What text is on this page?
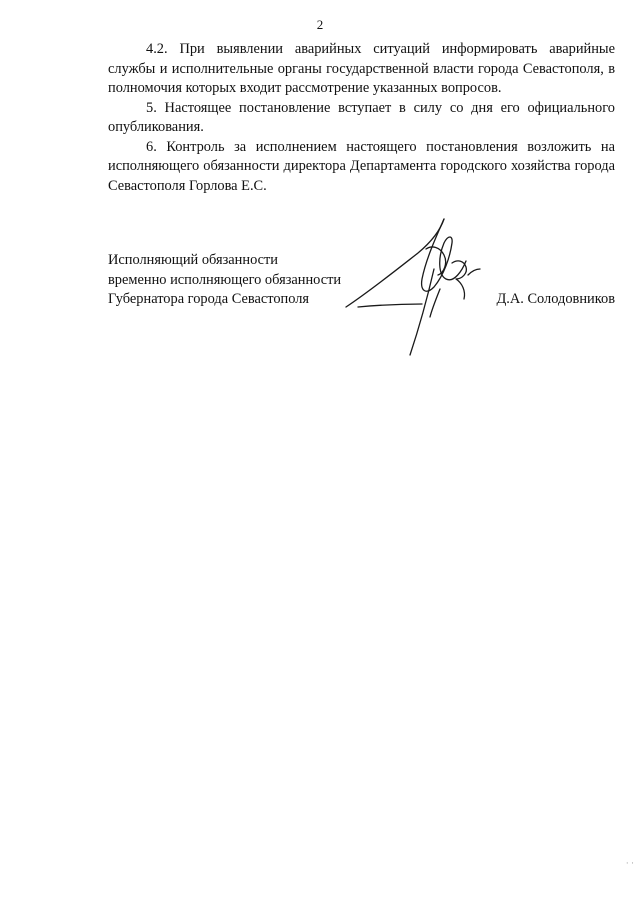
2

4.2. При выявлении аварийных ситуаций информировать аварийные службы и исполнительные органы государственной власти города Севастополя, в полномочия которых входит рассмотрение указанных вопросов.

5. Настоящее постановление вступает в силу со дня его официального опубликования.

6. Контроль за исполнением настоящего постановления возложить на исполняющего обязанности директора Департамента городского хозяйства города Севастополя Горлова Е.С.

Исполняющий обязанности
временно исполняющего обязанности
Губернатора города Севастополя	Д.А. Солодовников
· ·
